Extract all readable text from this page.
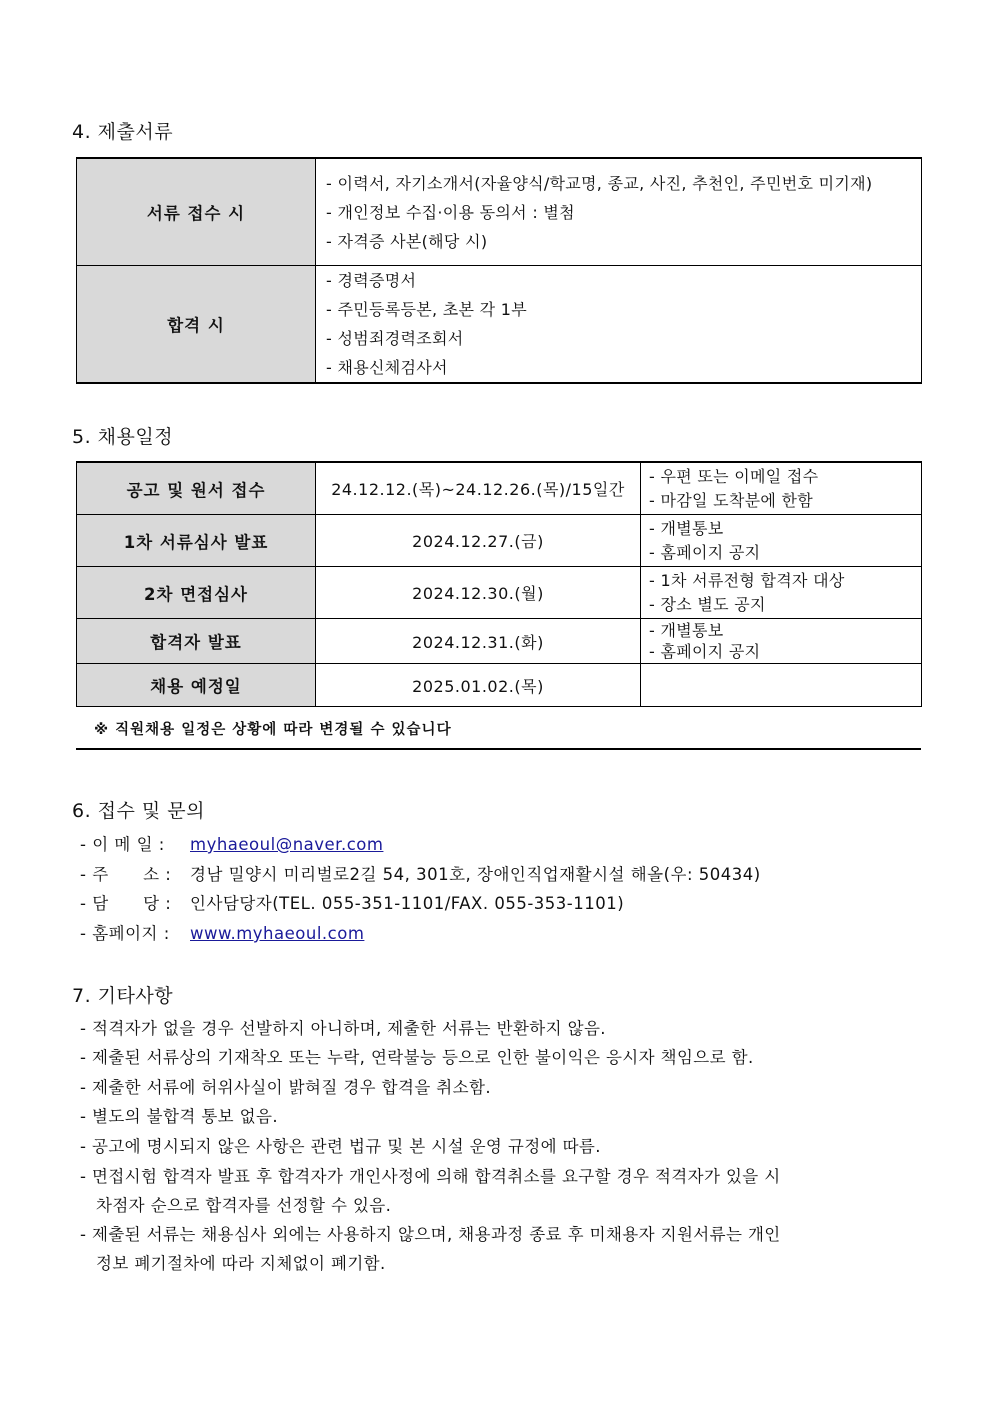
4. 제출서류
서류 접수 시	- 이력서, 자기소개서(자율양식/학교명, 종교, 사진, 추천인, 주민번호 미기재)
- 개인정보 수집·이용 동의서 : 별첨
- 자격증 사본(해당 시)

합격 시	- 경력증명서
- 주민등록등본, 초본 각 1부
- 성범죄경력조회서
- 채용신체검사서
5. 채용일정
공고 및 원서 접수	24.12.12.(목)~24.12.26.(목)/15일간	- 우편 또는 이메일 접수
- 마감일 도착분에 한함

1차 서류심사 발표	2024.12.27.(금)	- 개별통보
- 홈페이지 공지

2차 면접심사	2024.12.30.(월)	- 1차 서류전형 합격자 대상
- 장소 별도 공지

합격자 발표	2024.12.31.(화)	- 개별통보
- 홈페이지 공지

채용 예정일	2025.01.02.(목)	
※ 직원채용 일정은 상황에 따라 변경될 수 있습니다
6. 접수 및 문의
- 이 메 일 : myhaeoul@naver.com
- 주      소 : 경남 밀양시 미리벌로2길 54, 301호, 장애인직업재활시설 해올(우: 50434)
- 담      당 : 인사담당자(TEL. 055-351-1101/FAX. 055-353-1101)
- 홈페이지 : www.myhaeoul.com
7. 기타사항
- 적격자가 없을 경우 선발하지 아니하며, 제출한 서류는 반환하지 않음.
- 제출된 서류상의 기재착오 또는 누락, 연락불능 등으로 인한 불이익은 응시자 책임으로 함.
- 제출한 서류에 허위사실이 밝혀질 경우 합격을 취소함.
- 별도의 불합격 통보 없음.
- 공고에 명시되지 않은 사항은 관련 법규 및 본 시설 운영 규정에 따름.
- 면접시험 합격자 발표 후 합격자가 개인사정에 의해 합격취소를 요구할 경우 적격자가 있을 시
차점자 순으로 합격자를 선정할 수 있음.
- 제출된 서류는 채용심사 외에는 사용하지 않으며, 채용과정 종료 후 미채용자 지원서류는 개인
정보 폐기절차에 따라 지체없이 폐기함.
